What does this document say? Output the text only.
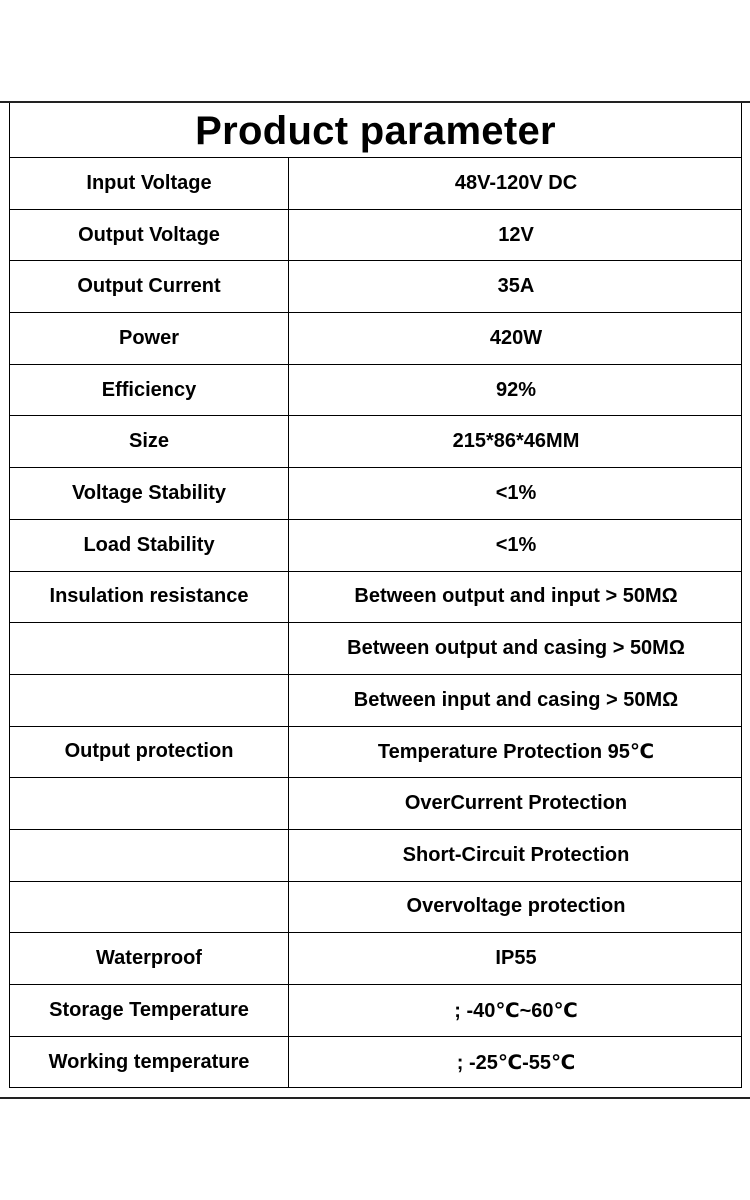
Product parameter	
Input Voltage	48V-120V DC
Output Voltage	12V
Output Current	35A
Power	420W
Efficiency	92%
Size	215*86*46MM
Voltage Stability	<1%
Load Stability	<1%
Insulation resistance	Between output and input > 50MΩ
	Between output and casing > 50MΩ
	Between input and casing > 50MΩ
Output protection	Temperature Protection 95℃
	OverCurrent Protection
	Short-Circuit Protection
	Overvoltage protection
Waterproof	IP55
Storage Temperature	; -40℃~60℃
Working temperature	; -25℃-55℃
